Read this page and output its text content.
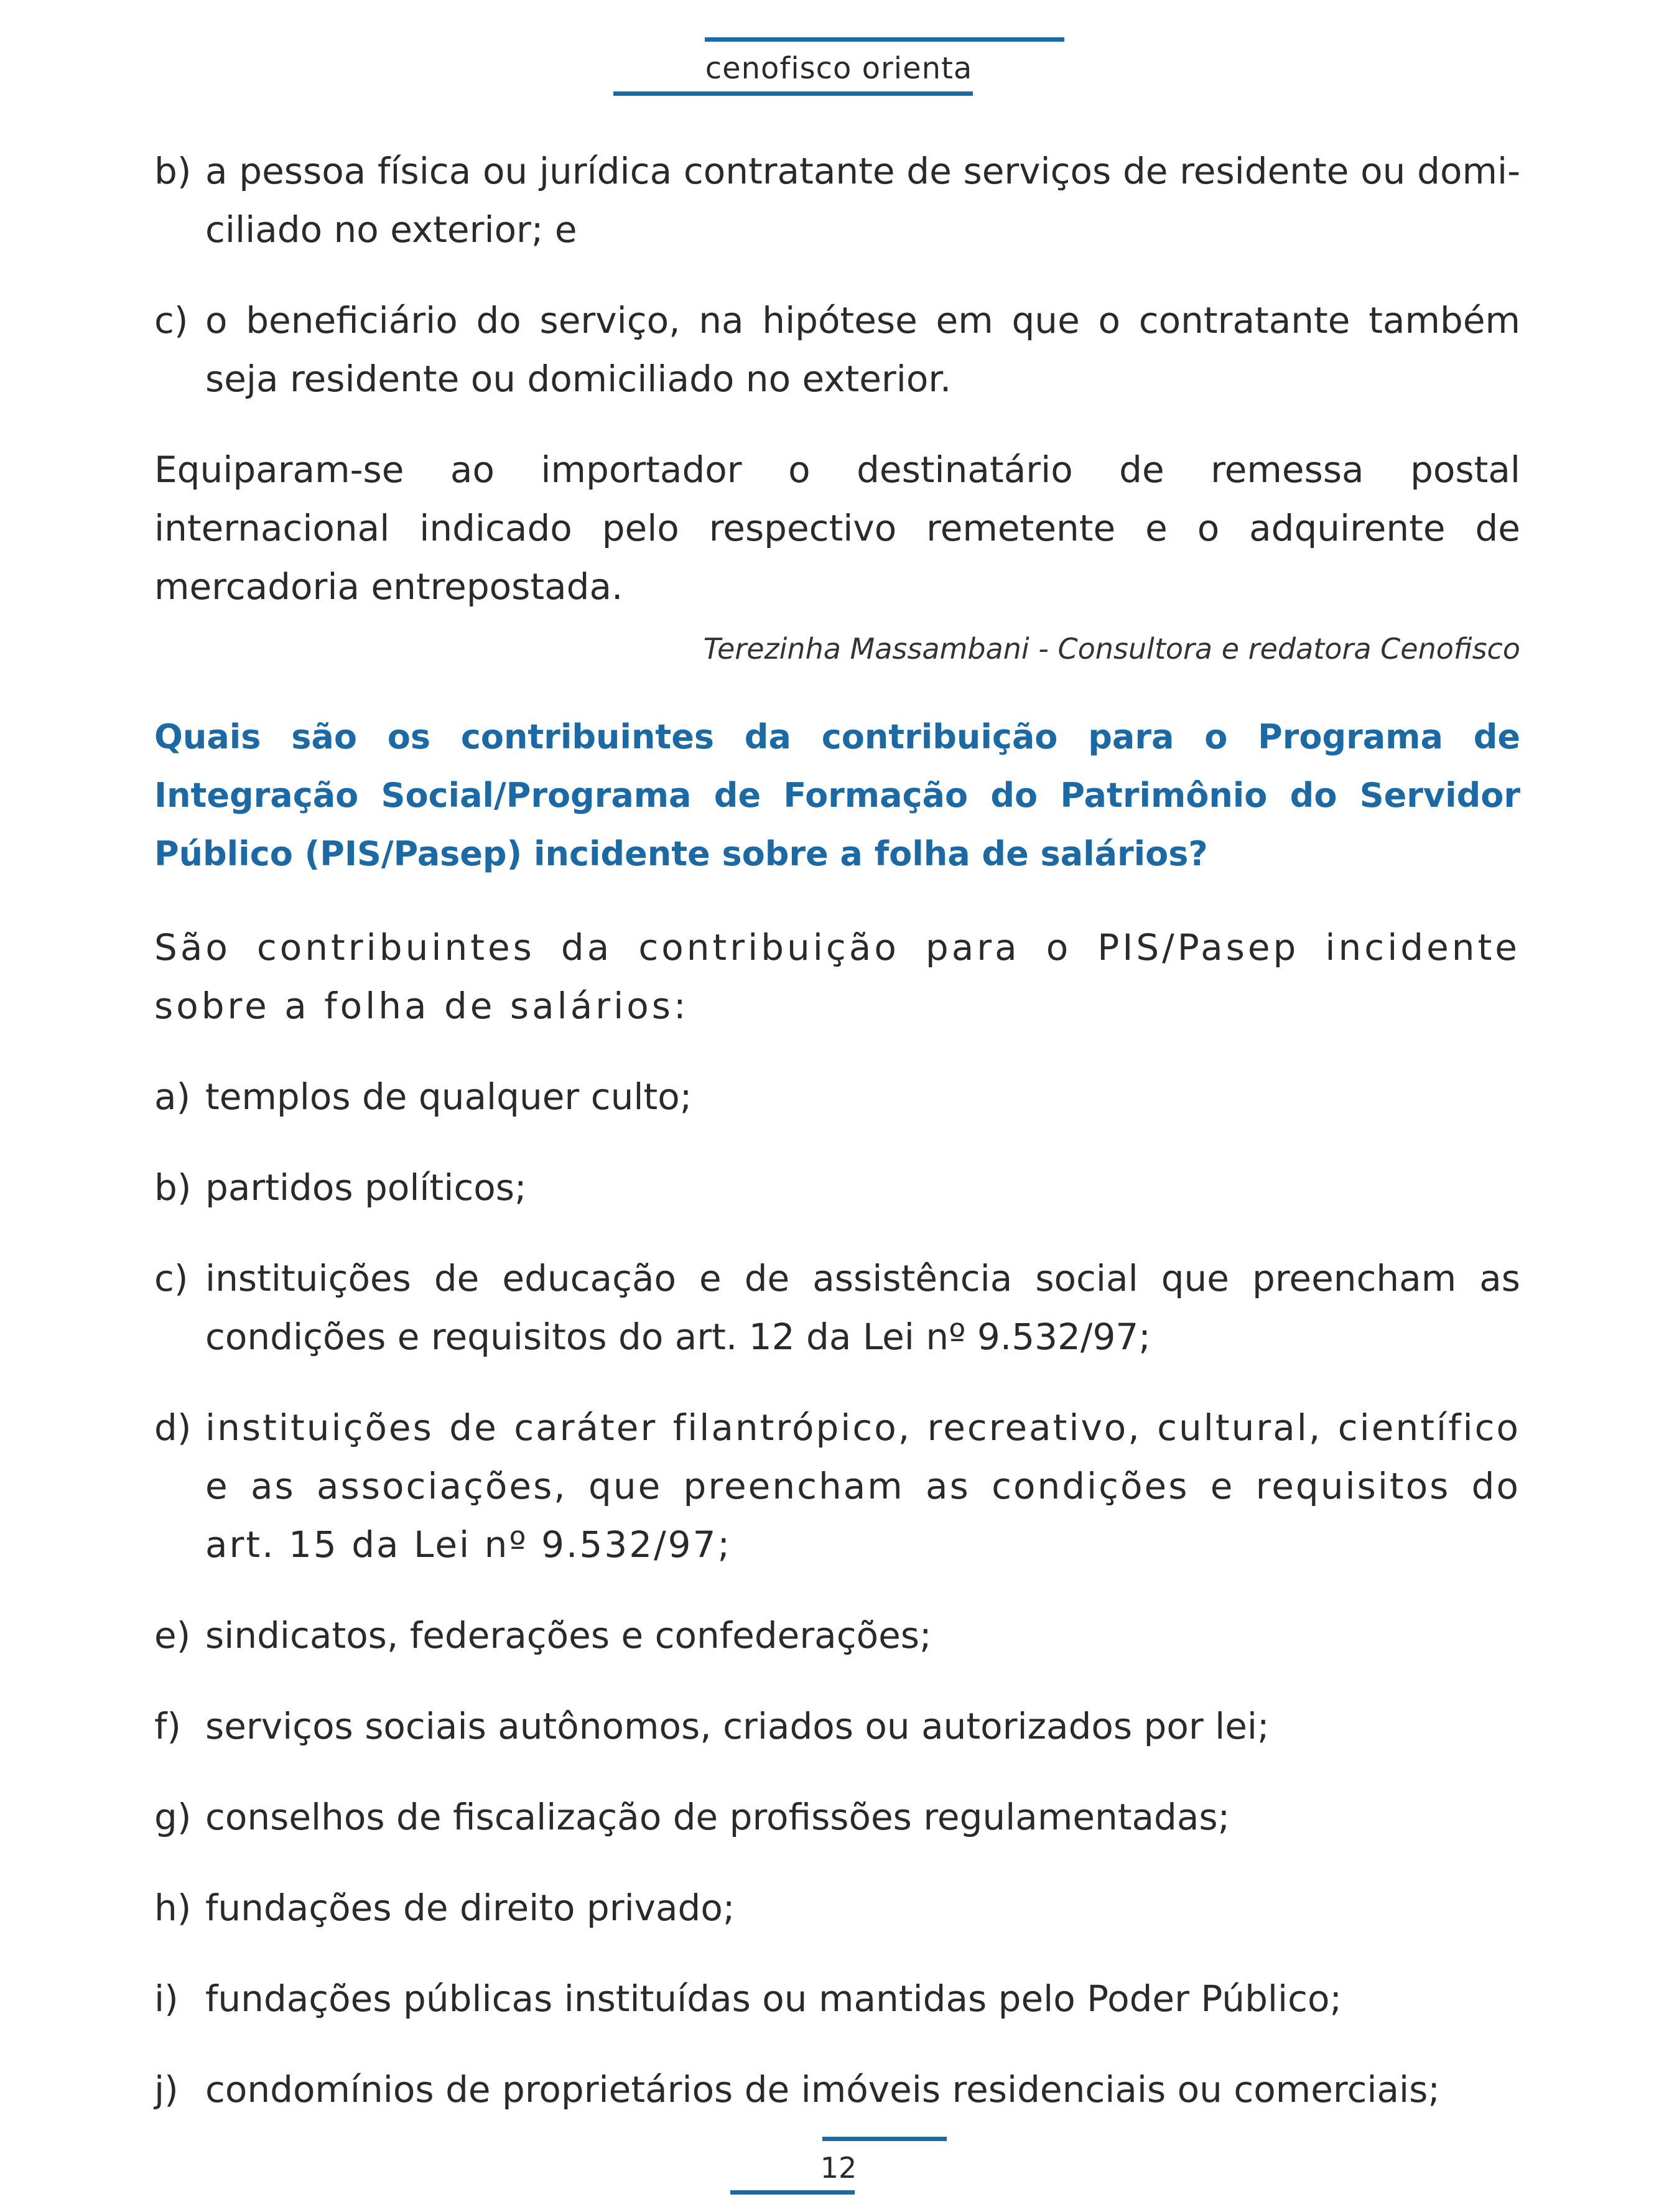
cenofisco orienta
b) a pessoa física ou jurídica contratante de serviços de residente ou domiciliado no exterior; e
c) o beneficiário do serviço, na hipótese em que o contratante também seja residente ou domiciliado no exterior.

Equiparam-se ao importador o destinatário de remessa postal internacional indicado pelo respectivo remetente e o adquirente de mercadoria entrepostada.

Terezinha Massambani - Consultora e redatora Cenofisco

Quais são os contribuintes da contribuição para o Programa de Integração Social/Programa de Formação do Patrimônio do Servidor Público (PIS/Pasep) incidente sobre a folha de salários?

São contribuintes da contribuição para o PIS/Pasep incidente sobre a folha de salários:

a) templos de qualquer culto;
b) partidos políticos;
c) instituições de educação e de assistência social que preencham as condições e requisitos do art. 12 da Lei nº 9.532/97;
d) instituições de caráter filantrópico, recreativo, cultural, científico e as associações, que preencham as condições e requisitos do art. 15 da Lei nº 9.532/97;
e) sindicatos, federações e confederações;
f) serviços sociais autônomos, criados ou autorizados por lei;
g) conselhos de fiscalização de profissões regulamentadas;
h) fundações de direito privado;
i) fundações públicas instituídas ou mantidas pelo Poder Público;
j) condomínios de proprietários de imóveis residenciais ou comerciais;
12
